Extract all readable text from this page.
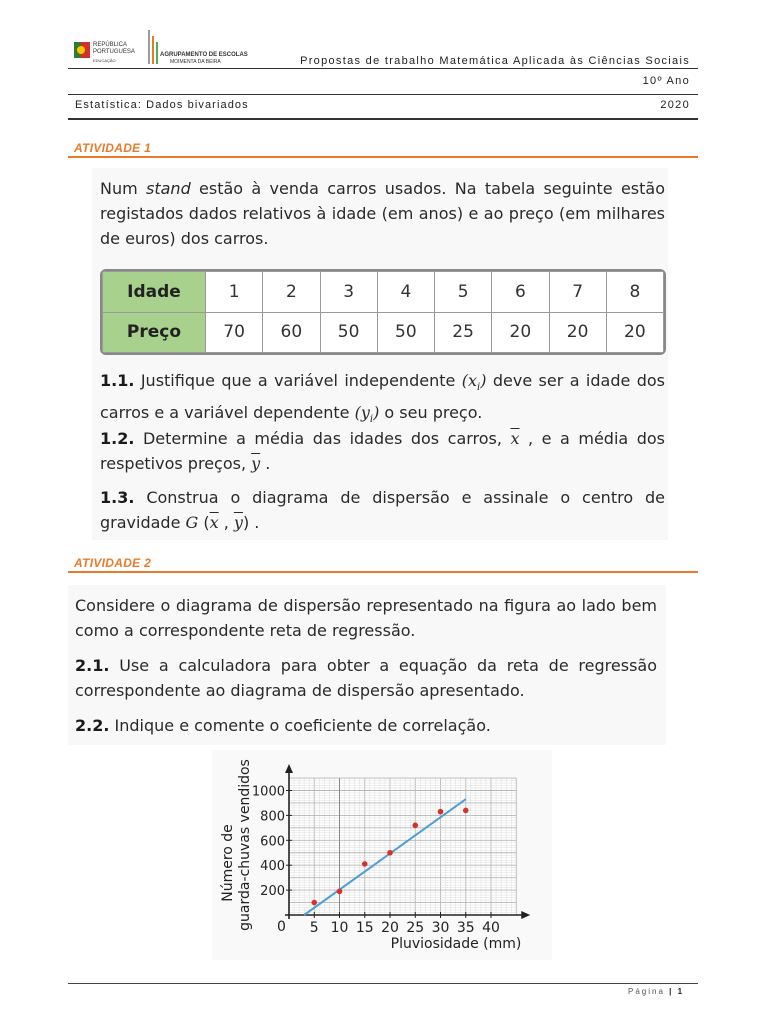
REPÚBLICA
PORTUGUESA
EDUCAÇÃO
AGRUPAMENTO DE ESCOLAS
MOIMENTA DA BEIRA	Propostas de trabalho Matemática Aplicada às Ciências Sociais
10º Ano
Estatística: Dados bivariados	2020
ATIVIDADE 1
Num stand estão à venda carros usados. Na tabela seguinte estão registados dados relativos à idade (em anos) e ao preço (em milhares de euros) dos carros.
Idade	1	2	3	4	5	6	7	8
Preço	70	60	50	50	25	20	20	20
1.1. Justifique que a variável independente $(x_i)$ deve ser a idade dos carros e a variável dependente $(y_i)$ o seu preço.
1.2. Determine a média das idades dos carros, $\overline{x}$ , e a média dos respetivos preços, $\overline{y}$ .
1.3. Construa o diagrama de dispersão e assinale o centro de gravidade G ($\overline{x}$ , $\overline{y}$) .
ATIVIDADE 2
Considere o diagrama de dispersão representado na figura ao lado bem como a correspondente reta de regressão.
2.1. Use a calculadora para obter a equação da reta de regressão correspondente ao diagrama de dispersão apresentado.
2.2. Indique e comente o coeficiente de correlação.
5 10 15 20 25 30 35 40
200
400
600
800
1000
0
Pluviosidade (mm)
Número de guarda-chuvas vendidos
Página | 1
